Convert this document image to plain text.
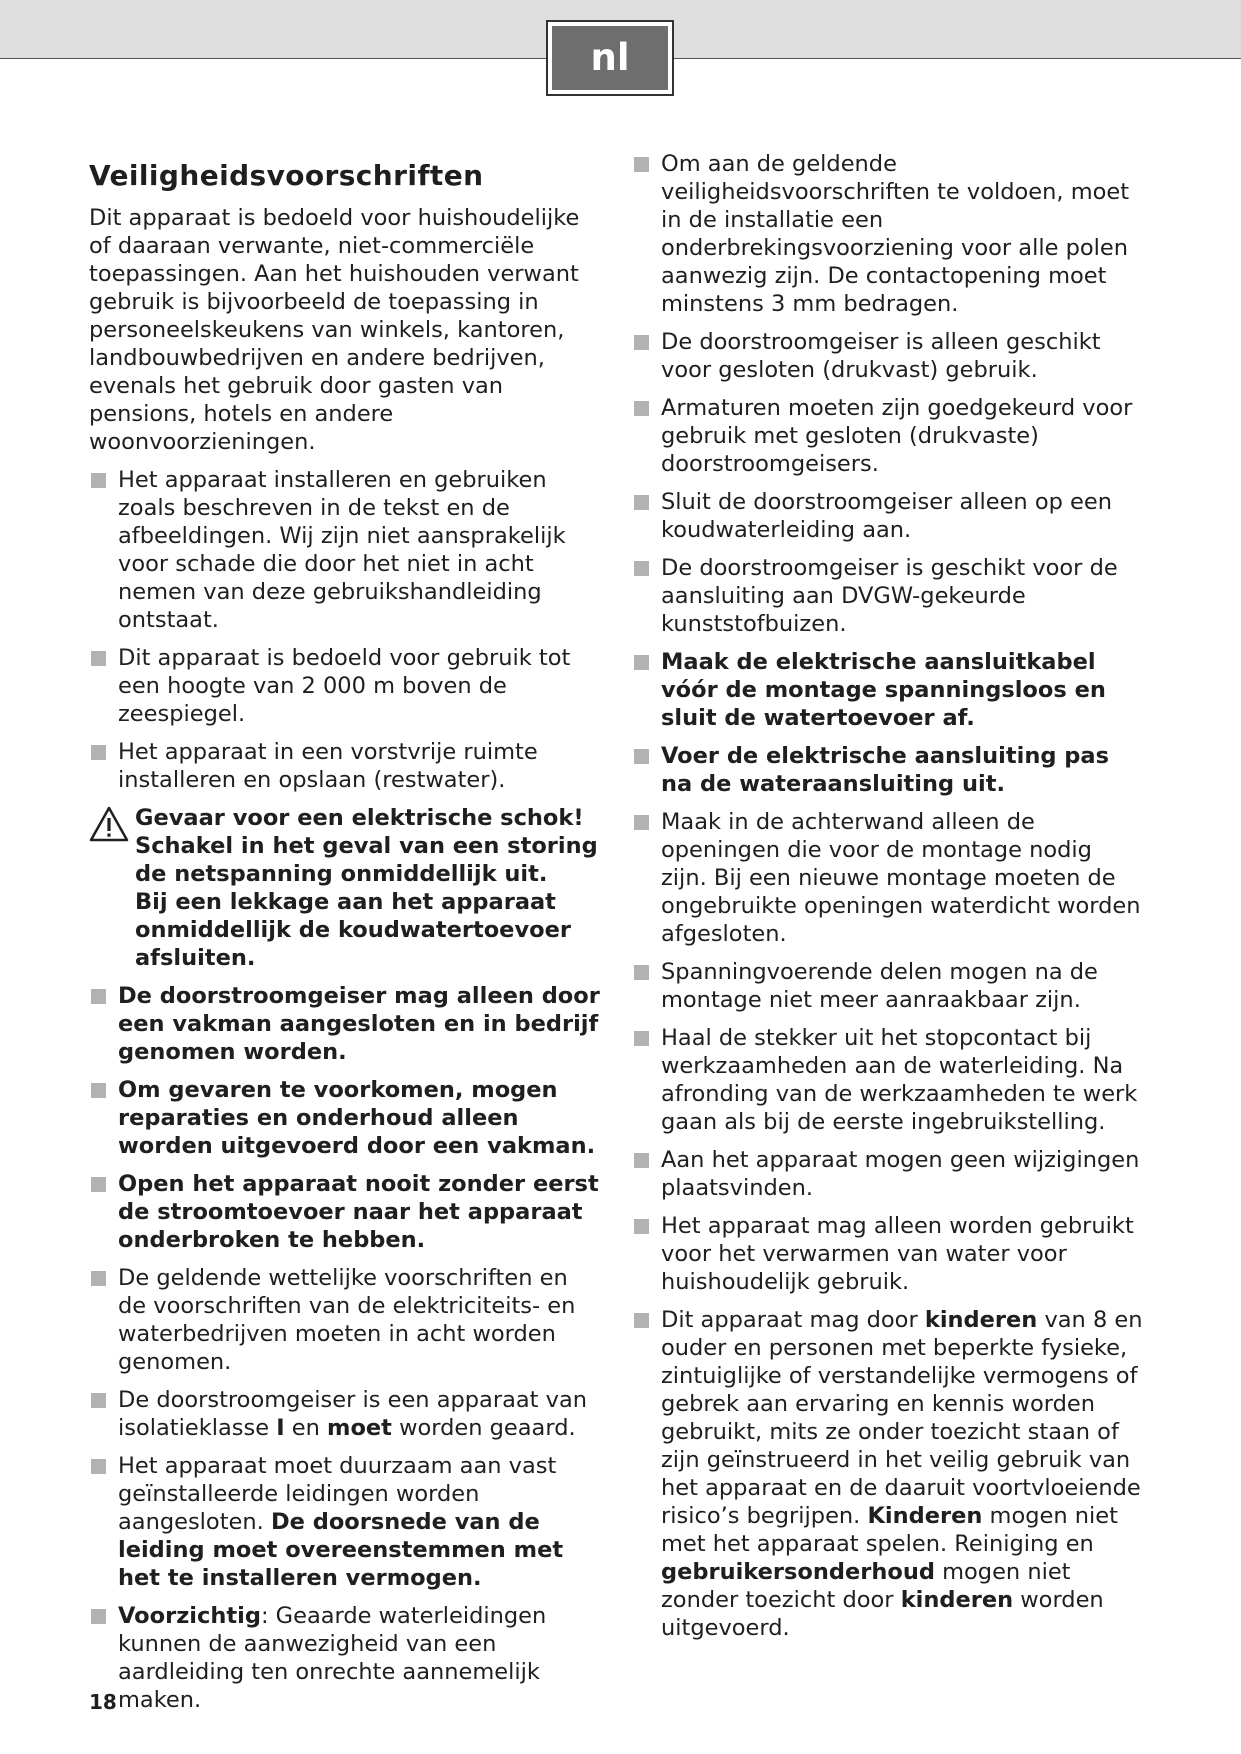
nl
Veiligheidsvoorschriften

Dit apparaat is bedoeld voor huishoudelijke of daaraan verwante, niet-commerciële toepassingen. Aan het huishouden verwant gebruik is bijvoorbeeld de toepassing in personeelskeukens van winkels, kantoren, landbouwbedrijven en andere bedrijven, evenals het gebruik door gasten van pensions, hotels en andere woonvoorzieningen.

Het apparaat installeren en gebruiken zoals beschreven in de tekst en de afbeeldingen. Wij zijn niet aansprakelijk voor schade die door het niet in acht nemen van deze gebruikshandleiding ontstaat.
Dit apparaat is bedoeld voor gebruik tot een hoogte van 2 000 m boven de zeespiegel.
Het apparaat in een vorstvrije ruimte installeren en opslaan (restwater).
Gevaar voor een elektrische schok!
Schakel in het geval van een storing de netspanning onmiddellijk uit.
Bij een lekkage aan het apparaat onmiddellijk de koudwatertoevoer afsluiten.
De doorstroomgeiser mag alleen door een vakman aangesloten en in bedrijf genomen worden.
Om gevaren te voorkomen, mogen reparaties en onderhoud alleen worden uitgevoerd door een vakman.
Open het apparaat nooit zonder eerst de stroomtoevoer naar het apparaat onderbroken te hebben.
De geldende wettelijke voorschriften en de voorschriften van de elektriciteits- en waterbedrijven moeten in acht worden genomen.
De doorstroomgeiser is een apparaat van isolatieklasse I en moet worden geaard.
Het apparaat moet duurzaam aan vast geïnstalleerde leidingen worden aangesloten. De doorsnede van de leiding moet overeenstemmen met het te installeren vermogen.
Voorzichtig: Geaarde waterleidingen kunnen de aanwezigheid van een aardleiding ten onrechte aannemelijk maken.
Om aan de geldende veiligheidsvoorschriften te voldoen, moet in de installatie een onderbrekingsvoorziening voor alle polen aanwezig zijn. De contactopening moet minstens 3 mm bedragen.
De doorstroomgeiser is alleen geschikt voor gesloten (drukvast) gebruik.
Armaturen moeten zijn goedgekeurd voor gebruik met gesloten (drukvaste) doorstroomgeisers.
Sluit de doorstroomgeiser alleen op een koudwaterleiding aan.
De doorstroomgeiser is geschikt voor de aansluiting aan DVGW-gekeurde kunststofbuizen.
Maak de elektrische aansluitkabel vóór de montage spanningsloos en sluit de watertoevoer af.
Voer de elektrische aansluiting pas na de wateraansluiting uit.
Maak in de achterwand alleen de openingen die voor de montage nodig zijn. Bij een nieuwe montage moeten de ongebruikte openingen waterdicht worden afgesloten.
Spanningvoerende delen mogen na de montage niet meer aanraakbaar zijn.
Haal de stekker uit het stopcontact bij werkzaamheden aan de waterleiding. Na afronding van de werkzaamheden te werk gaan als bij de eerste ingebruikstelling.
Aan het apparaat mogen geen wijzigingen plaatsvinden.
Het apparaat mag alleen worden gebruikt voor het verwarmen van water voor huishoudelijk gebruik.
Dit apparaat mag door kinderen van 8 en ouder en personen met beperkte fysieke, zintuiglijke of verstandelijke vermogens of gebrek aan ervaring en kennis worden gebruikt, mits ze onder toezicht staan of zijn geïnstrueerd in het veilig gebruik van het apparaat en de daaruit voortvloeiende risico’s begrijpen. Kinderen mogen niet met het apparaat spelen. Reiniging en gebruikersonderhoud mogen niet zonder toezicht door kinderen worden uitgevoerd.
18
